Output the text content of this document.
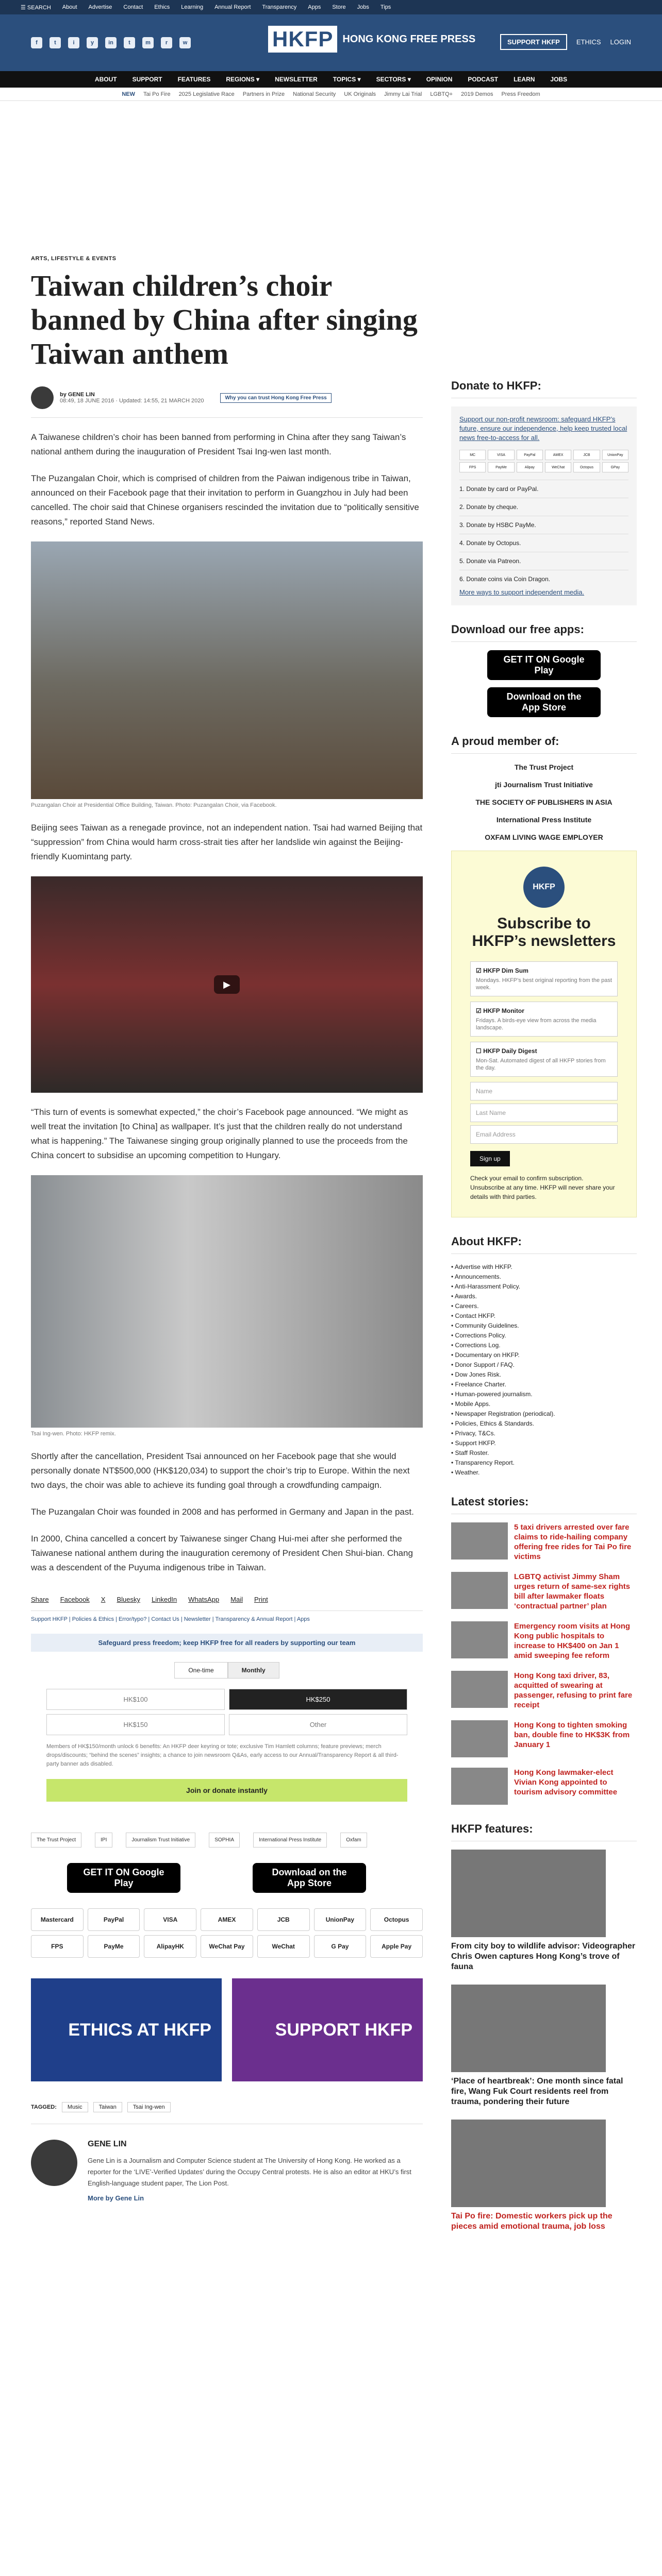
☰ SEARCH About Advertise Contact Ethics Learning Annual Report Transparency Apps Store Jobs Tips
f	t	i	y	in	t	m	r	w	HKFP HONG KONG FREE PRESS	SUPPORT HKFP	ETHICS LOGIN
ABOUT	SUPPORT	FEATURES	REGIONS ▾	NEWSLETTER	TOPICS ▾	SECTORS ▾	OPINION	PODCAST	LEARN	JOBS
NEW Tai Po Fire 2025 Legislative Race Partners in Prize National Security UK Originals Jimmy Lai Trial LGBTQ+ 2019 Demos Press Freedom
ARTS, LIFESTYLE & EVENTS
Taiwan children’s choir banned by China after singing Taiwan anthem
by GENE LIN
08:49, 18 JUNE 2016 · Updated: 14:55, 21 MARCH 2020	Why you can trust Hong Kong Free Press

A Taiwanese children’s choir has been banned from performing in China after they sang Taiwan’s national anthem during the inauguration of President Tsai Ing-wen last month.

The Puzangalan Choir, which is comprised of children from the Paiwan indigenous tribe in Taiwan, announced on their Facebook page that their invitation to perform in Guangzhou in July had been cancelled. The choir said that Chinese organisers rescinded the invitation due to “politically sensitive reasons,” reported Stand News.

Puzangalan Choir at Presidential Office Building, Taiwan. Photo: Puzangalan Choir, via Facebook.

Beijing sees Taiwan as a renegade province, not an independent nation. Tsai had warned Beijing that “suppression” from China would harm cross-strait ties after her landslide win against the Beijing-friendly Kuomintang party.

▶

“This turn of events is somewhat expected,” the choir’s Facebook page announced. “We might as well treat the invitation [to China] as wallpaper. It’s just that the children really do not understand what is happening.” The Taiwanese singing group originally planned to use the proceeds from the China concert to subsidise an upcoming competition to Hungary.

Tsai Ing-wen. Photo: HKFP remix.

Shortly after the cancellation, President Tsai announced on her Facebook page that she would personally donate NT$500,000 (HK$120,034) to support the choir’s trip to Europe. Within the next two days, the choir was able to achieve its funding goal through a crowdfunding campaign.

The Puzangalan Choir was founded in 2008 and has performed in Germany and Japan in the past.

In 2000, China cancelled a concert by Taiwanese singer Chang Hui-mei after she performed the Taiwanese national anthem during the inauguration ceremony of President Chen Shui-bian. Chang was a descendent of the Puyuma indigenous tribe in Taiwan.

Share Facebook X Bluesky LinkedIn WhatsApp Mail Print
Support HKFP | Policies & Ethics | Error/typo? | Contact Us | Newsletter | Transparency & Annual Report | Apps
Safeguard press freedom; keep HKFP free for all readers by supporting our team
One-time	Monthly
HK$100	HK$250
HK$150	Other
Members of HK$150/month unlock 6 benefits: An HKFP deer keyring or tote; exclusive Tim Hamlett columns; feature previews; merch drops/discounts; “behind the scenes” insights; a chance to join newsroom Q&As, early access to our Annual/Transparency Report & all third-party banner ads disabled.
Join or donate instantly
The Trust Project	IPI	Journalism Trust Initiative	SOPHIA	International Press Institute	Oxfam
GET IT ON Google Play
Download on the App Store
Mastercard	PayPal	VISA	AMEX	JCB	UnionPay	Octopus
FPS	PayMe	AlipayHK	WeChat Pay	WeChat	G Pay	Apple Pay
ETHICS AT HKFP	SUPPORT HKFP
TAGGED:	Music	Taiwan	Tsai Ing-wen
GENE LIN

Gene Lin is a Journalism and Computer Science student at The University of Hong Kong. He worked as a reporter for the ‘LIVE’-Verified Updates’ during the Occupy Central protests. He is also an editor at HKU’s first English-language student paper, The Lion Post.

More by Gene Lin
Donate to HKFP:
Support our non-profit newsroom: safeguard HKFP’s future, ensure our independence, help keep trusted local news free-to-access for all.
MC	VISA	PayPal	AMEX	JCB	UnionPay
FPS	PayMe	Alipay	WeChat	Octopus	GPay
1. Donate by card or PayPal.
2. Donate by cheque.
3. Donate by HSBC PayMe.
4. Donate by Octopus.
5. Donate via Patreon.
6. Donate coins via Coin Dragon.
More ways to support independent media.
Download our free apps:
GET IT ON Google Play
Download on the App Store
A proud member of:
The Trust Project
jti Journalism Trust Initiative
THE SOCIETY OF PUBLISHERS IN ASIA
International Press Institute
OXFAM LIVING WAGE EMPLOYER
HKFP
Subscribe to HKFP’s newsletters
☑ HKFP Dim Sum
Mondays. HKFP’s best original reporting from the past week.
☑ HKFP Monitor
Fridays. A birds-eye view from across the media landscape.
☐ HKFP Daily Digest
Mon-Sat. Automated digest of all HKFP stories from the day.
Name
Last Name
Email Address
Sign up
Check your email to confirm subscription. Unsubscribe at any time. HKFP will never share your details with third parties.
About HKFP:
• Advertise with HKFP.
• Announcements.
• Anti-Harassment Policy.
• Awards.
• Careers.
• Contact HKFP.
• Community Guidelines.
• Corrections Policy.
• Corrections Log.
• Documentary on HKFP.
• Donor Support / FAQ.
• Dow Jones Risk.
• Freelance Charter.
• Human-powered journalism.
• Mobile Apps.
• Newspaper Registration (periodical).
• Policies, Ethics & Standards.
• Privacy, T&Cs.
• Support HKFP.
• Staff Roster.
• Transparency Report.
• Weather.
Latest stories:
5 taxi drivers arrested over fare claims to ride-hailing company offering free rides for Tai Po fire victims
LGBTQ activist Jimmy Sham urges return of same-sex rights bill after lawmaker floats ‘contractual partner’ plan
Emergency room visits at Hong Kong public hospitals to increase to HK$400 on Jan 1 amid sweeping fee reform
Hong Kong taxi driver, 83, acquitted of swearing at passenger, refusing to print fare receipt
Hong Kong to tighten smoking ban, double fine to HK$3K from January 1
Hong Kong lawmaker-elect Vivian Kong appointed to tourism advisory committee
HKFP features:
From city boy to wildlife advisor: Videographer Chris Owen captures Hong Kong’s trove of fauna
‘Place of heartbreak’: One month since fatal fire, Wang Fuk Court residents reel from trauma, pondering their future
Tai Po fire: Domestic workers pick up the pieces amid emotional trauma, job loss
